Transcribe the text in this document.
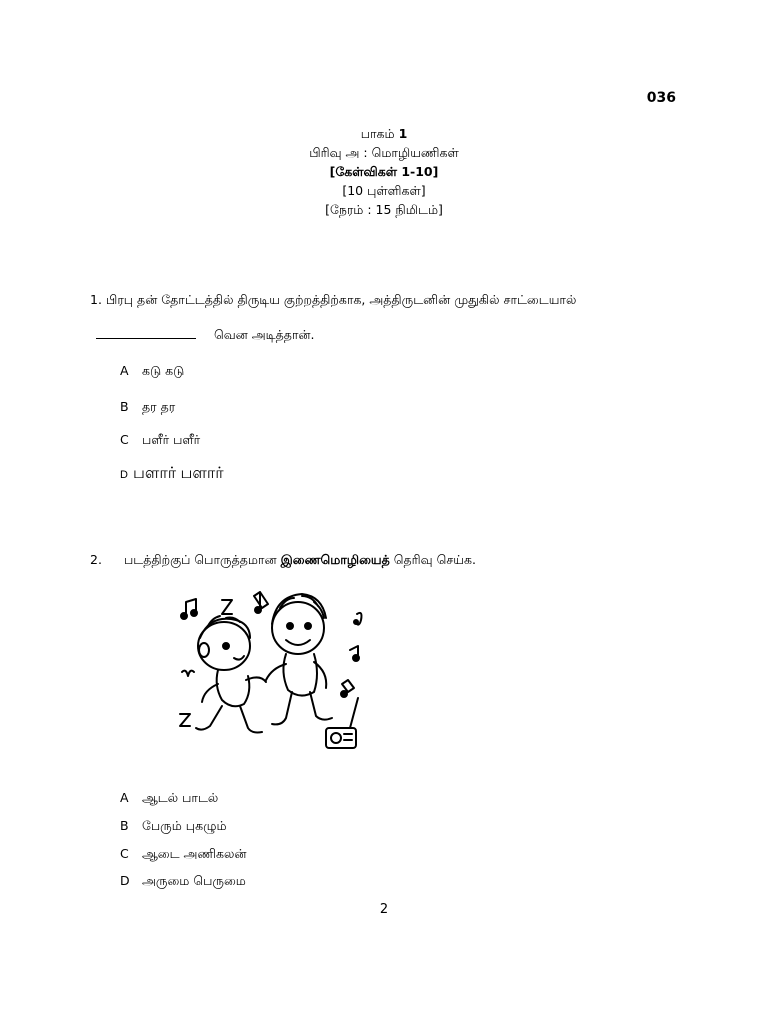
036
பாகம் 1
பிரிவு அ : மொழியணிகள்
[கேள்விகள் 1-10]
[10 புள்ளிகள்]
[நேரம் : 15 நிமிடம்]
1. பிரபு தன் தோட்டத்தில் திருடிய குற்றத்திற்காக, அத்திருடனின் முதுகில் சாட்டையால்
வென அடித்தான்.
A கடு கடு
B தர தர
C பளீர் பளீர்
D பளார் பளார்
2. படத்திற்குப் பொருத்தமான இணைமொழியைத் தெரிவு செய்க.
A ஆடல் பாடல்
B பேரும் புகழும்
C ஆடை அணிகலன்
D அருமை பெருமை
2
